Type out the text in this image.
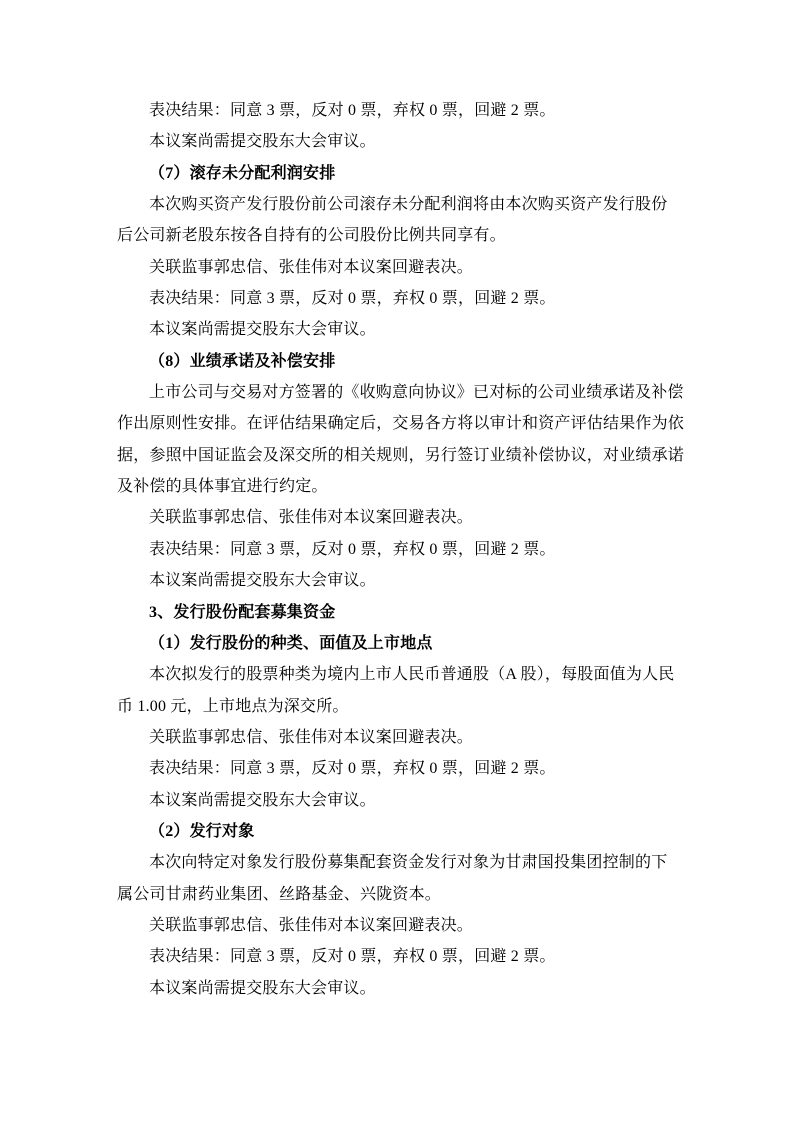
表决结果：同意 3 票，反对 0 票，弃权 0 票，回避 2 票。
本议案尚需提交股东大会审议。
（7）滚存未分配利润安排
本次购买资产发行股份前公司滚存未分配利润将由本次购买资产发行股份
后公司新老股东按各自持有的公司股份比例共同享有。
关联监事郭忠信、张佳伟对本议案回避表决。
表决结果：同意 3 票，反对 0 票，弃权 0 票，回避 2 票。
本议案尚需提交股东大会审议。
（8）业绩承诺及补偿安排
上市公司与交易对方签署的《收购意向协议》已对标的公司业绩承诺及补偿
作出原则性安排。在评估结果确定后，交易各方将以审计和资产评估结果作为依
据，参照中国证监会及深交所的相关规则，另行签订业绩补偿协议，对业绩承诺
及补偿的具体事宜进行约定。
关联监事郭忠信、张佳伟对本议案回避表决。
表决结果：同意 3 票，反对 0 票，弃权 0 票，回避 2 票。
本议案尚需提交股东大会审议。
3、发行股份配套募集资金
（1）发行股份的种类、面值及上市地点
本次拟发行的股票种类为境内上市人民币普通股（A 股），每股面值为人民
币 1.00 元，上市地点为深交所。
关联监事郭忠信、张佳伟对本议案回避表决。
表决结果：同意 3 票，反对 0 票，弃权 0 票，回避 2 票。
本议案尚需提交股东大会审议。
（2）发行对象
本次向特定对象发行股份募集配套资金发行对象为甘肃国投集团控制的下
属公司甘肃药业集团、丝路基金、兴陇资本。
关联监事郭忠信、张佳伟对本议案回避表决。
表决结果：同意 3 票，反对 0 票，弃权 0 票，回避 2 票。
本议案尚需提交股东大会审议。
